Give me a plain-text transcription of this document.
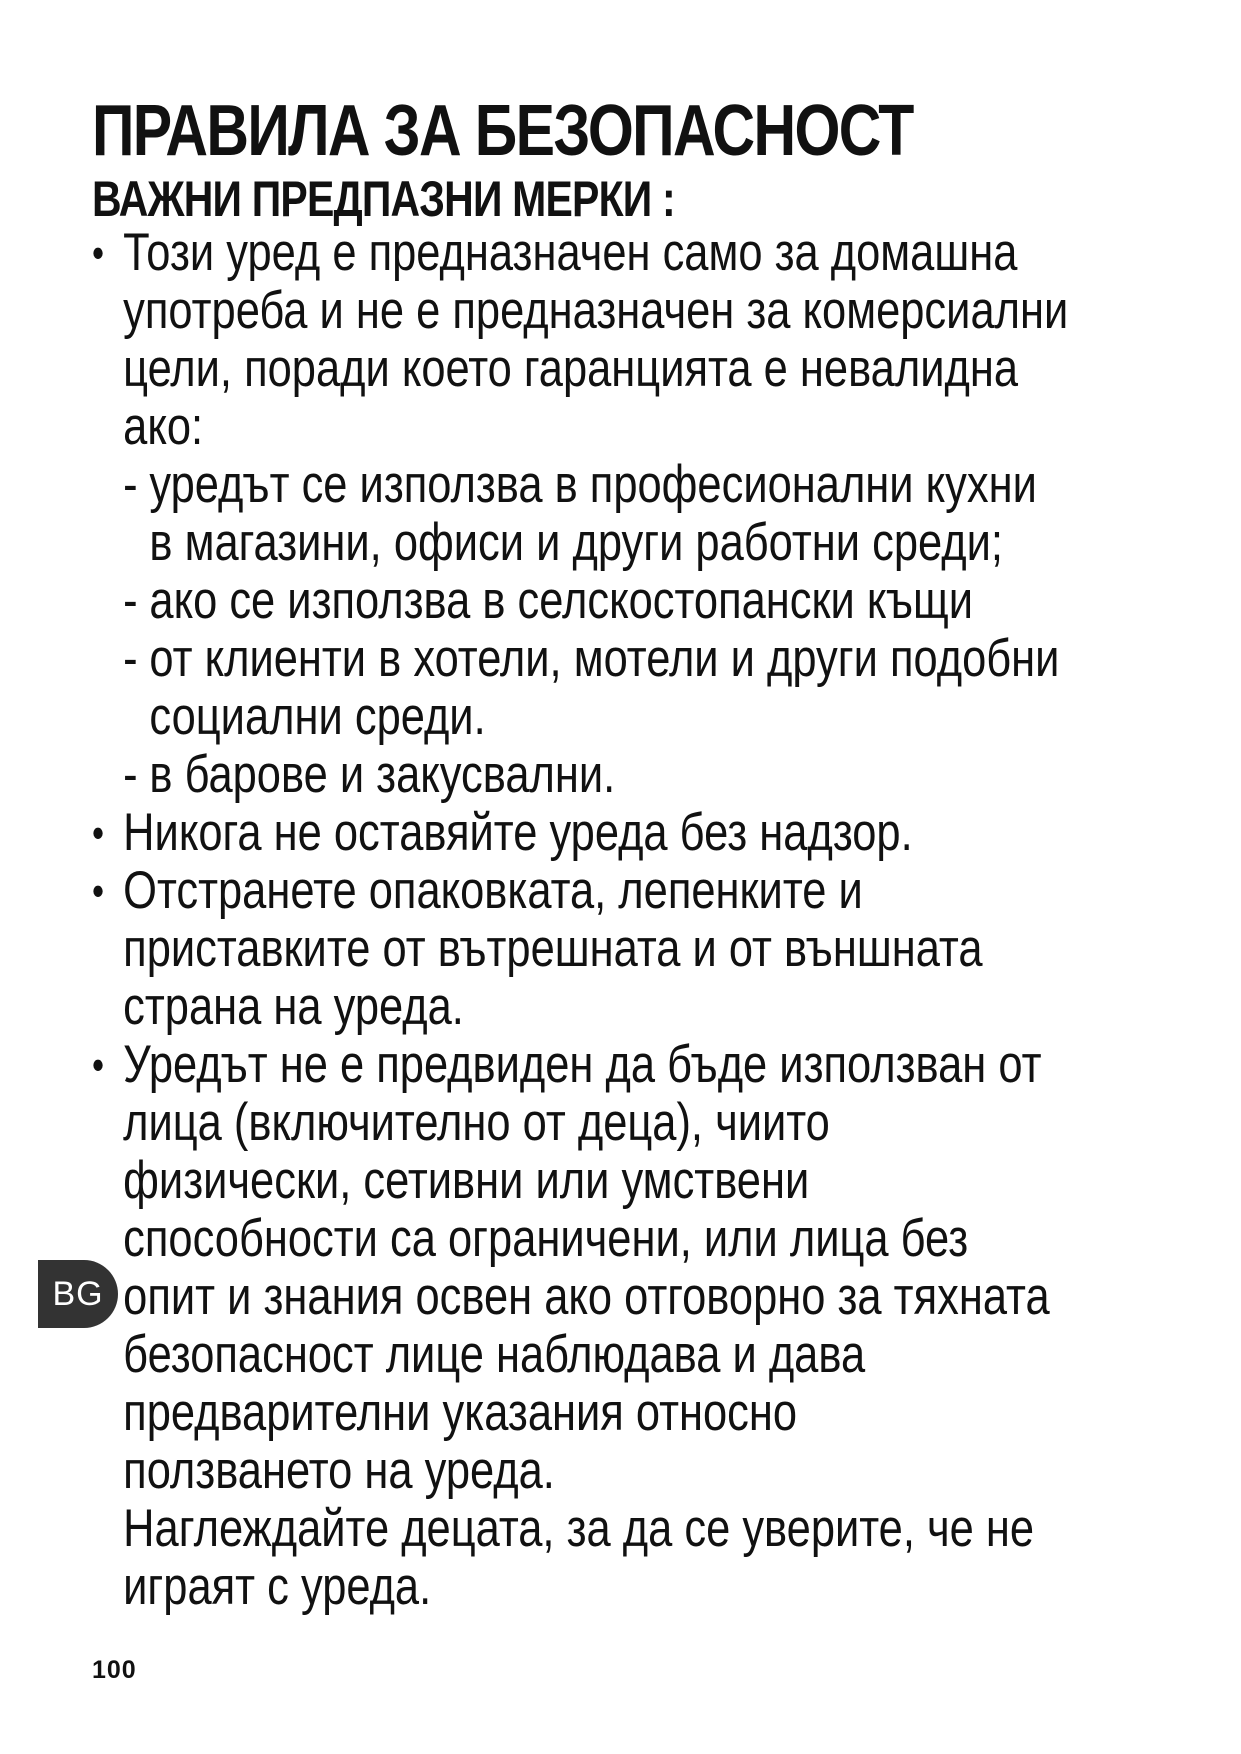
ПРАВИЛА ЗА БЕЗОПАСНОСТ
ВАЖНИ ПРЕДПАЗНИ МЕРКИ :
• Този уред е предназначен само за домашна
употреба и не е предназначен за комерсиални
цели, поради което гаранцията е невалидна
ако:
- уредът се използва в професионални кухни
в магазини, офиси и други работни среди;
- ако се използва в селскостопански къщи
- от клиенти в хотели, мотели и други подобни
социални среди.
- в барове и закусвални.
• Никога не оставяйте уреда без надзор.
• Отстранете опаковката, лепенките и
приставките от вътрешната и от външната
страна на уреда.
• Уредът не е предвиден да бъде използван от
лица (включително от деца), чиито
физически, сетивни или умствени
способности са ограничени, или лица без
опит и знания освен ако отговорно за тяхната
безопасност лице наблюдава и дава
предварителни указания относно
ползването на уреда.
Наглеждайте децата, за да се уверите, че не
играят с уреда.
BG
100
